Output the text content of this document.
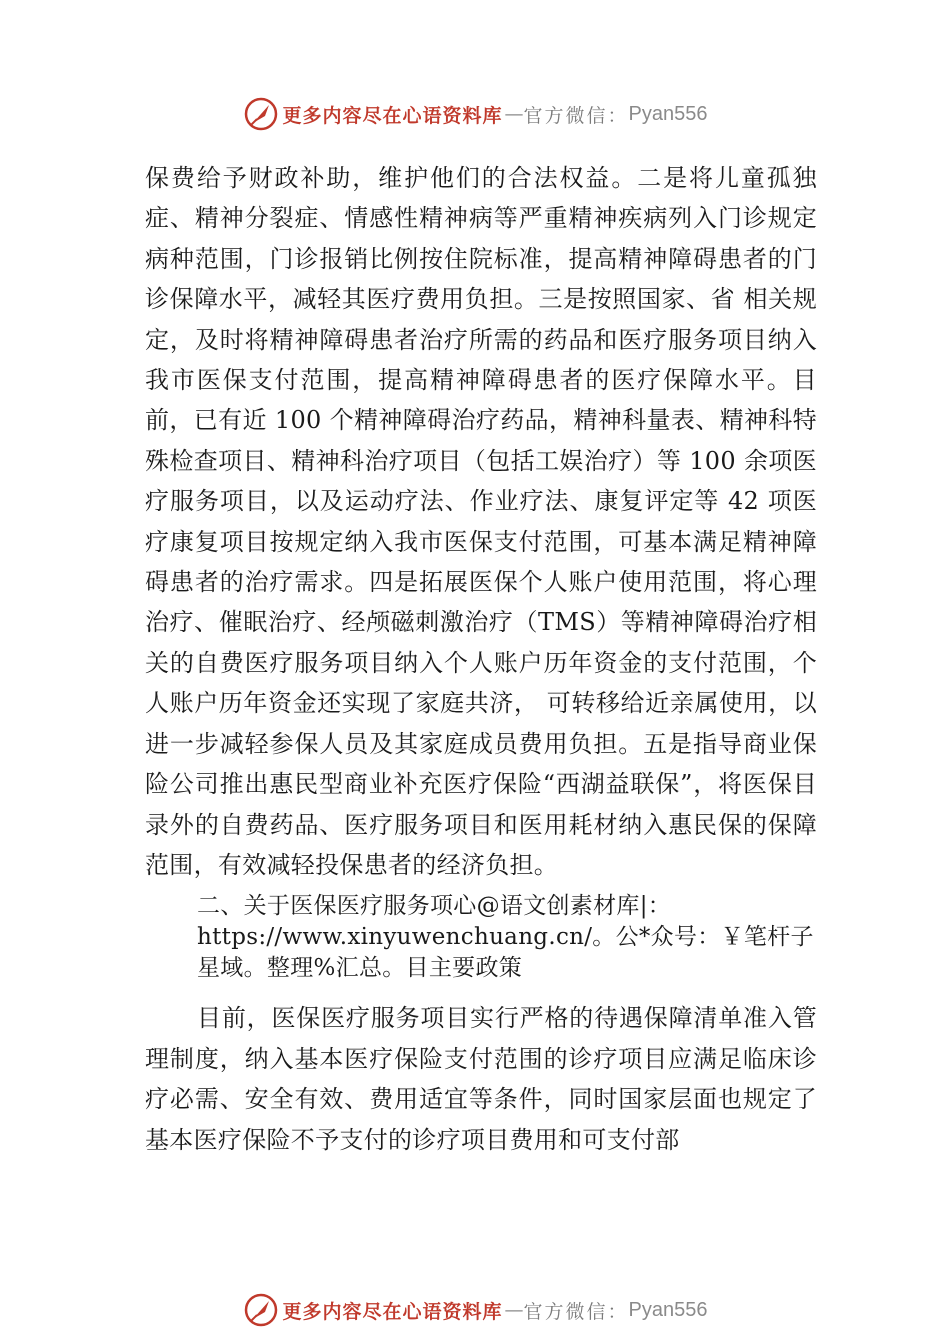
更多内容尽在心语资料库 — 官方微信： Pyan556

保费给予财政补助，维护他们的合法权益。二是将儿童孤独症、精神分裂症、情感性精神病等严重精神疾病列入门诊规定病种范围，门诊报销比例按住院标准，提高精神障碍患者的门诊保障水平，减轻其医疗费用负担。三是按照国家、省 相关规定，及时将精神障碍患者治疗所需的药品和医疗服务项目纳入我市医保支付范围，提高精神障碍患者的医疗保障水平。目前，已有近 100 个精神障碍治疗药品，精神科量表、精神科特殊检查项目、精神科治疗项目（包括工娱治疗）等 100 余项医疗服务项目，以及运动疗法、作业疗法、康复评定等 42 项医疗康复项目按规定纳入我市医保支付范围，可基本满足精神障碍患者的治疗需求。四是拓展医保个人账户使用范围，将心理治疗、催眠治疗、经颅磁刺激治疗（TMS）等精神障碍治疗相关的自费医疗服务项目纳入个人账户历年资金的支付范围，个人账户历年资金还实现了家庭共济， 可转移给近亲属使用，以进一步减轻参保人员及其家庭成员费用负担。五是指导商业保险公司推出惠民型商业补充医疗保险“西湖益联保”，将医保目录外的自费药品、医疗服务项目和医用耗材纳入惠民保的保障范围，有效减轻投保患者的经济负担。

二、关于医保医疗服务项心@语文创素材库|：https://www.xinyuwenchuang.cn/。公*众号：￥笔杆子星域。整理%汇总。目主要政策

目前，医保医疗服务项目实行严格的待遇保障清单准入管理制度，纳入基本医疗保险支付范围的诊疗项目应满足临床诊疗必需、安全有效、费用适宜等条件，同时国家层面也规定了基本医疗保险不予支付的诊疗项目费用和可支付部

更多内容尽在心语资料库 — 官方微信： Pyan556
